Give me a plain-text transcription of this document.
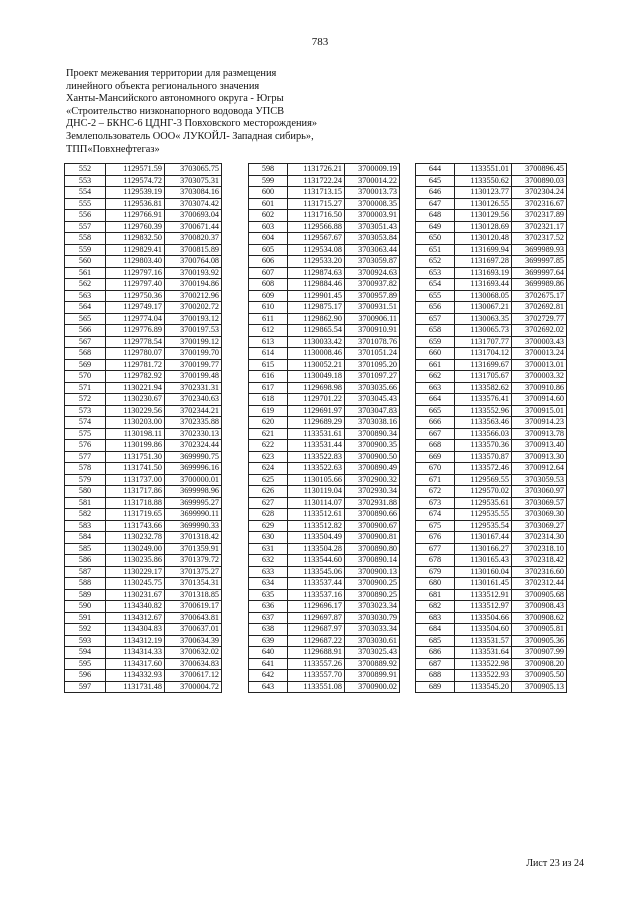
783
Проект межевания территории для размещения
линейного объекта регионального значения
Ханты-Мансийского автономного округа - Югры
«Строительство низконапорного водовода УПСВ
ДНС-2 – БКНС-6 ЦДНГ-3 Повховского месторождения»
Землепользователь ООО« ЛУКОЙЛ- Западная сибирь»,
ТПП«Повхнефтегаз»
552	1129571.59	3703065.75
553	1129574.72	3703075.31
554	1129539.19	3703084.16
555	1129536.81	3703074.42
556	1129766.91	3700693.04
557	1129760.39	3700671.44
558	1129832.50	3700820.37
559	1129829.41	3700815.89
560	1129803.40	3700764.08
561	1129797.16	3700193.92
562	1129797.40	3700194.86
563	1129750.36	3700212.96
564	1129749.17	3700202.72
565	1129774.04	3700193.12
566	1129776.89	3700197.53
567	1129778.54	3700199.12
568	1129780.07	3700199.70
569	1129781.72	3700199.77
570	1129782.92	3700199.48
571	1130221.94	3702331.31
572	1130230.67	3702340.63
573	1130229.56	3702344.21
574	1130203.00	3702335.88
575	1130198.11	3702330.13
576	1130199.86	3702324.44
577	1131751.30	3699990.75
578	1131741.50	3699996.16
579	1131737.00	3700000.01
580	1131717.86	3699998.96
581	1131718.88	3699995.27
582	1131719.65	3699990.11
583	1131743.66	3699990.33
584	1130232.78	3701318.42
585	1130249.00	3701359.91
586	1130235.86	3701379.72
587	1130229.17	3701375.27
588	1130245.75	3701354.31
589	1130231.67	3701318.85
590	1134340.82	3700619.17
591	1134312.67	3700643.81
592	1134304.83	3700637.01
593	1134312.19	3700634.39
594	1134314.33	3700632.02
595	1134317.60	3700634.83
596	1134332.93	3700617.12
597	1131731.48	3700004.72
598	1131726.21	3700009.19
599	1131722.24	3700014.22
600	1131713.15	3700013.73
601	1131715.27	3700008.35
602	1131716.50	3700003.91
603	1129566.88	3703051.43
604	1129567.67	3703053.84
605	1129534.08	3703063.44
606	1129533.20	3703059.87
607	1129874.63	3700924.63
608	1129884.46	3700937.82
609	1129901.45	3700957.89
610	1129875.17	3700931.51
611	1129862.90	3700906.11
612	1129865.54	3700910.91
613	1130033.42	3701078.76
614	1130008.46	3701051.24
615	1130052.21	3701095.20
616	1130049.18	3701097.27
617	1129698.98	3703035.66
618	1129701.22	3703045.43
619	1129691.97	3703047.83
620	1129689.29	3703038.16
621	1133531.61	3700890.34
622	1133531.44	3700900.35
623	1133522.83	3700900.50
624	1133522.63	3700890.49
625	1130105.66	3702900.32
626	1130119.04	3702930.34
627	1130114.07	3702931.88
628	1133512.61	3700890.66
629	1133512.82	3700900.67
630	1133504.49	3700900.81
631	1133504.28	3700890.80
632	1133544.60	3700890.14
633	1133545.06	3700900.13
634	1133537.44	3700900.25
635	1133537.16	3700890.25
636	1129696.17	3703023.34
637	1129697.87	3703030.79
638	1129687.97	3703033.34
639	1129687.22	3703030.61
640	1129688.91	3703025.43
641	1133557.26	3700889.92
642	1133557.70	3700899.91
643	1133551.08	3700900.02
644	1133551.01	3700896.45
645	1133550.62	3700890.03
646	1130123.77	3702304.24
647	1130126.55	3702316.67
648	1130129.56	3702317.89
649	1130128.69	3702321.17
650	1130120.48	3702317.52
651	1131699.94	3699989.93
652	1131697.28	3699997.85
653	1131693.19	3699997.64
654	1131693.44	3699989.86
655	1130068.05	3702675.17
656	1130067.21	3702692.81
657	1130063.35	3702729.77
658	1130065.73	3702692.02
659	1131707.77	3700003.43
660	1131704.12	3700013.24
661	1131699.67	3700013.01
662	1131705.67	3700003.32
663	1133582.62	3700910.86
664	1133576.41	3700914.60
665	1133552.96	3700915.01
666	1133563.46	3700914.23
667	1133566.03	3700913.78
668	1133570.36	3700913.40
669	1133570.87	3700913.30
670	1133572.46	3700912.64
671	1129569.55	3703059.53
672	1129570.02	3703060.97
673	1129535.61	3703069.57
674	1129535.55	3703069.30
675	1129535.54	3703069.27
676	1130167.44	3702314.30
677	1130166.27	3702318.10
678	1130165.43	3702318.42
679	1130160.04	3702316.60
680	1130161.45	3702312.44
681	1133512.91	3700905.68
682	1133512.97	3700908.43
683	1133504.66	3700908.62
684	1133504.60	3700905.81
685	1133531.57	3700905.36
686	1133531.64	3700907.99
687	1133522.98	3700908.20
688	1133522.93	3700905.50
689	1133545.20	3700905.13
Лист 23 из 24
